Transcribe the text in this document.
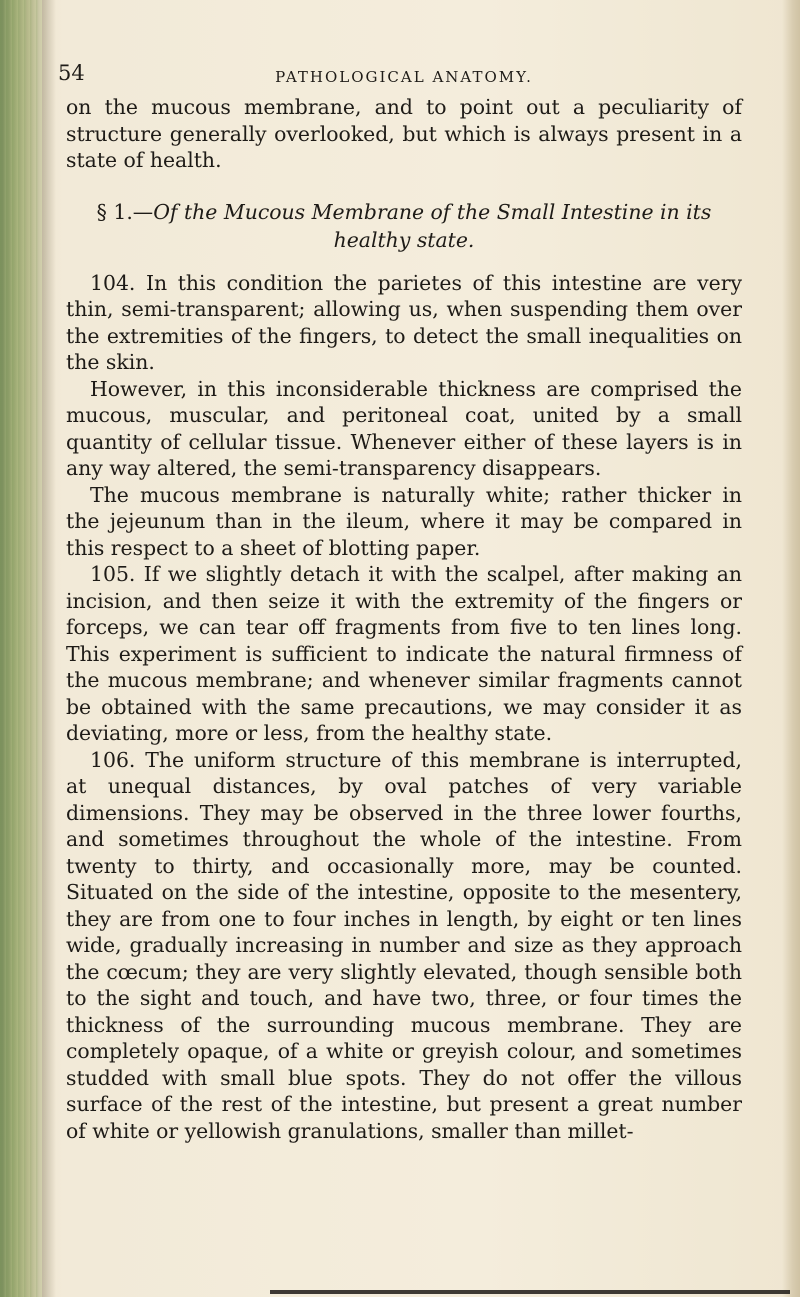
54	PATHOLOGICAL ANATOMY.

on the mucous membrane, and to point out a peculiarity of structure generally overlooked, but which is always present in a state of health.

§ 1.—Of the Mucous Membrane of the Small Intestine in its healthy state.

104. In this condition the parietes of this intestine are very thin, semi-transparent; allowing us, when suspending them over the extremities of the fingers, to detect the small inequalities on the skin.

However, in this inconsiderable thickness are comprised the mucous, muscular, and peritoneal coat, united by a small quantity of cellular tissue. Whenever either of these layers is in any way altered, the semi-transparency disappears.

The mucous membrane is naturally white; rather thicker in the jejeunum than in the ileum, where it may be compared in this respect to a sheet of blotting paper.

105. If we slightly detach it with the scalpel, after making an incision, and then seize it with the extremity of the fingers or forceps, we can tear off fragments from five to ten lines long. This experiment is sufficient to indicate the natural firmness of the mucous membrane; and whenever similar fragments cannot be obtained with the same precautions, we may consider it as deviating, more or less, from the healthy state.

106. The uniform structure of this membrane is interrupted, at unequal distances, by oval patches of very variable dimensions. They may be observed in the three lower fourths, and sometimes throughout the whole of the intestine. From twenty to thirty, and occasionally more, may be counted. Situated on the side of the intestine, opposite to the mesentery, they are from one to four inches in length, by eight or ten lines wide, gradually increasing in number and size as they approach the cœcum; they are very slightly elevated, though sensible both to the sight and touch, and have two, three, or four times the thickness of the surrounding mucous membrane. They are completely opaque, of a white or greyish colour, and sometimes studded with small blue spots. They do not offer the villous surface of the rest of the intestine, but present a great number of white or yellowish granulations, smaller than millet-
